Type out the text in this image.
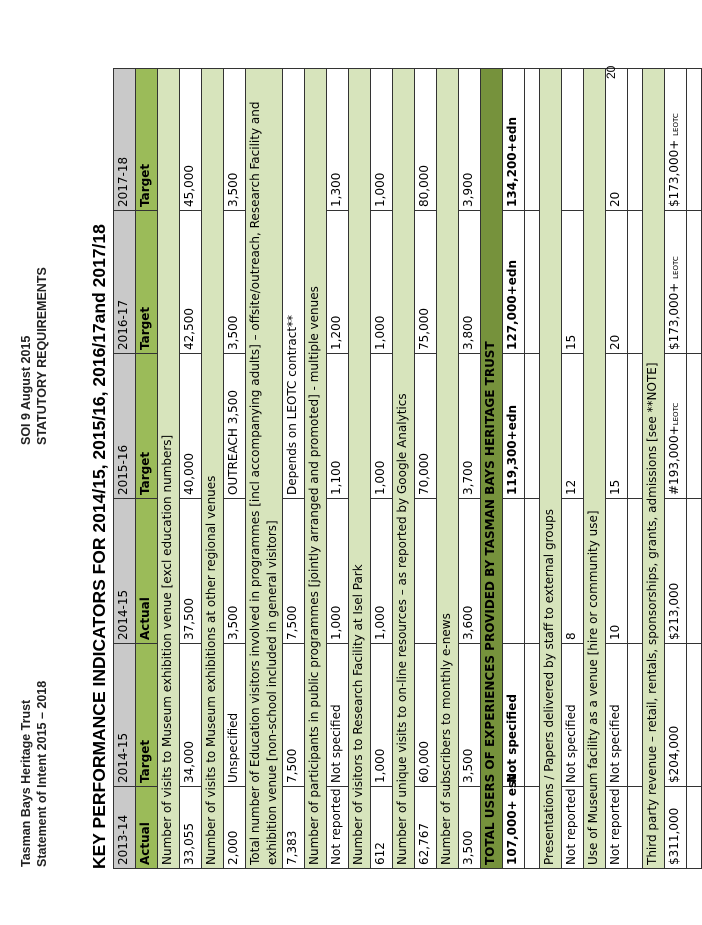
Tasman Bays Heritage Trust Statement of Intent 2015 – 2018
SOI 9 August 2015 STATUTORY REQUIREMENTS KEY PERFORMANCE INDICATORS FOR 2014/15, 2015/16, 2016/17and 2017/18 2013-14	2014-15	2014-15	2015-16	2016-17	2017-18
Actual	Target	Actual	Target	Target	Target
Number of visits to Museum exhibition venue [excl education numbers]					
33,055	34,000	37,500	40,000	42,500	45,000
Number of visits to Museum exhibitions at other regional venues					
2,000	Unspecified	3,500	OUTREACH 3,500	3,500	3,500
Total number of Education visitors involved in programmes [incl accompanying adults] – offsite/outreach, Research Facility and exhibition venue [non-school included in general visitors]					
7,383	7,500	7,500	Depends on LEOTC contract**		
Number of participants in public programmes [jointly arranged and promoted] - multiple venues					
Not reported	Not specified	1,000	1,100	1,200	1,300
Number of visitors to Research Facility at Isel Park					
612	1,000	1,000	1,000	1,000	1,000
Number of unique visits to on-line resources – as reported by Google Analytics					
62,767	60,000		70,000	75,000	80,000
Number of subscribers to monthly e-news					
3,500	3,500	3,600	3,700	3,800	3,900
TOTAL USERS OF EXPERIENCES PROVIDED BY TASMAN BAYS HERITAGE TRUST					
107,000+ est	Not specified		119,300+edn	127,000+edn	134,200+edn

Presentations / Papers delivered by staff to external groups					
Not reported	Not specified	8	12	15	
Use of Museum facility as a venue [hire or community use]					
Not reported	Not specified	10	15	20	20

Third party revenue – retail, rentals, sponsorships, grants, admissions [see **NOTE]					
$311,000	$204,000	$213,000	#193,000+LEOTC	$173,000+ LEOTC	$173,000+ LEOTC

20
